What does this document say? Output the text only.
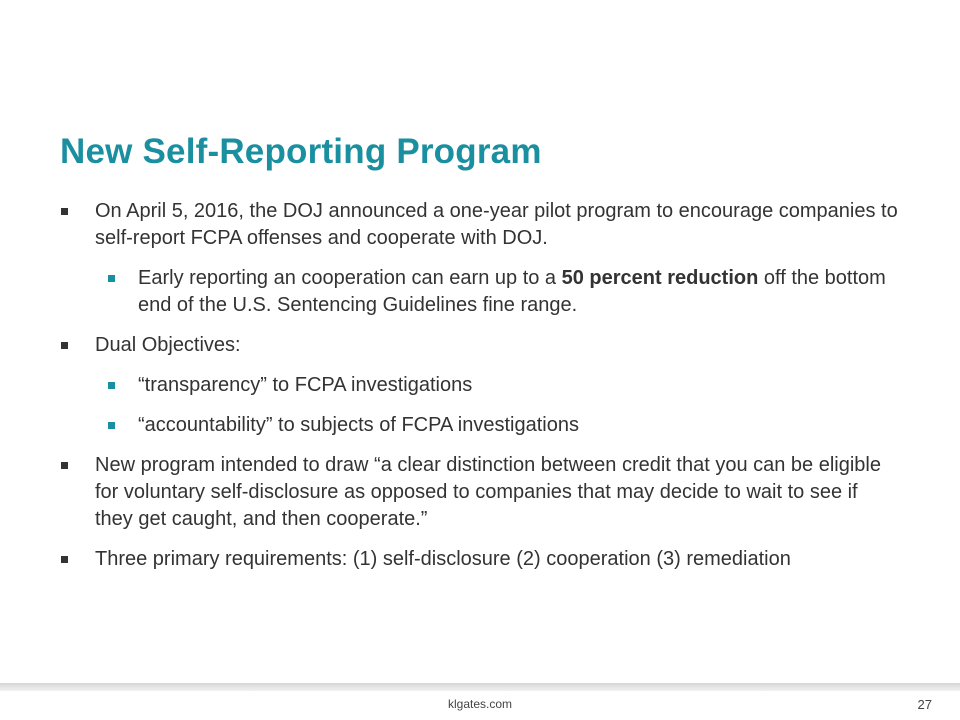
New Self-Reporting Program
On April 5, 2016, the DOJ announced a one-year pilot program to encourage companies to self-report FCPA offenses and cooperate with DOJ.
Early reporting an cooperation can earn up to a 50 percent reduction off the bottom end of the U.S. Sentencing Guidelines fine range.
Dual Objectives:
“transparency” to FCPA investigations
“accountability” to subjects of FCPA investigations
New program intended to draw “a clear distinction between credit that you can be eligible for voluntary self-disclosure as opposed to companies that may decide to wait to see if they get caught, and then cooperate.”
Three primary requirements: (1) self-disclosure (2) cooperation (3) remediation
klgates.com	27
